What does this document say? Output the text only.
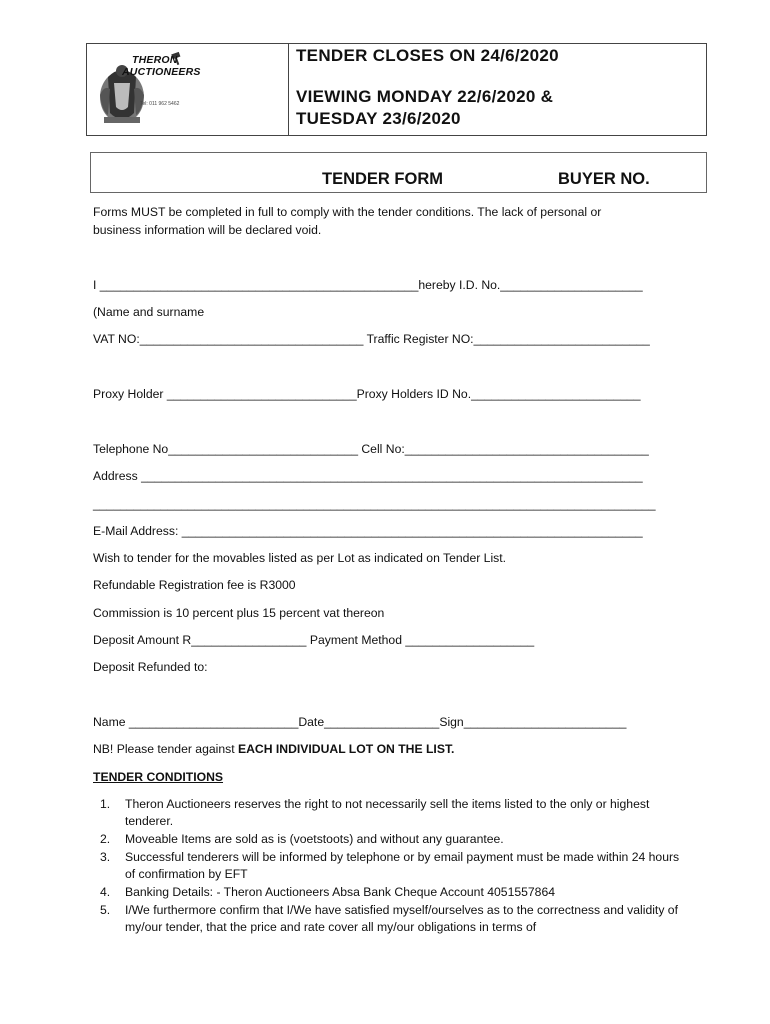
THERON
AUCTIONEERS
Tel: 011 962 5462
TENDER CLOSES ON 24/6/2020
VIEWING MONDAY 22/6/2020 &
TUESDAY 23/6/2020
TENDER FORM	BUYER NO.
Forms MUST be completed in full to comply with the tender conditions. The lack of personal or
business information will be declared void.
I _______________________________________________hereby I.D. No._____________________
(Name and surname
VAT NO:_________________________________ Traffic Register NO:__________________________
Proxy Holder ____________________________Proxy Holders ID No._________________________
Telephone No____________________________ Cell No:____________________________________
Address __________________________________________________________________________
___________________________________________________________________________________
E-Mail Address: ____________________________________________________________________
Wish to tender for the movables listed as per Lot as indicated on Tender List.
Refundable Registration fee is R3000
Commission is 10 percent plus 15 percent vat thereon
Deposit Amount R_________________ Payment Method ___________________
Deposit Refunded to:
Name _________________________Date_________________Sign________________________
NB! Please tender against EACH INDIVIDUAL LOT ON THE LIST.
TENDER CONDITIONS
1. Theron Auctioneers reserves the right to not necessarily sell the items listed to the only or highest tenderer.
2. Moveable Items are sold as is (voetstoots) and without any guarantee.
3. Successful tenderers will be informed by telephone or by email payment must be made within 24 hours of confirmation by EFT
4. Banking Details: - Theron Auctioneers Absa Bank Cheque Account 4051557864
5. I/We furthermore confirm that I/We have satisfied myself/ourselves as to the correctness and validity of my/our tender, that the price and rate cover all my/our obligations in terms of
